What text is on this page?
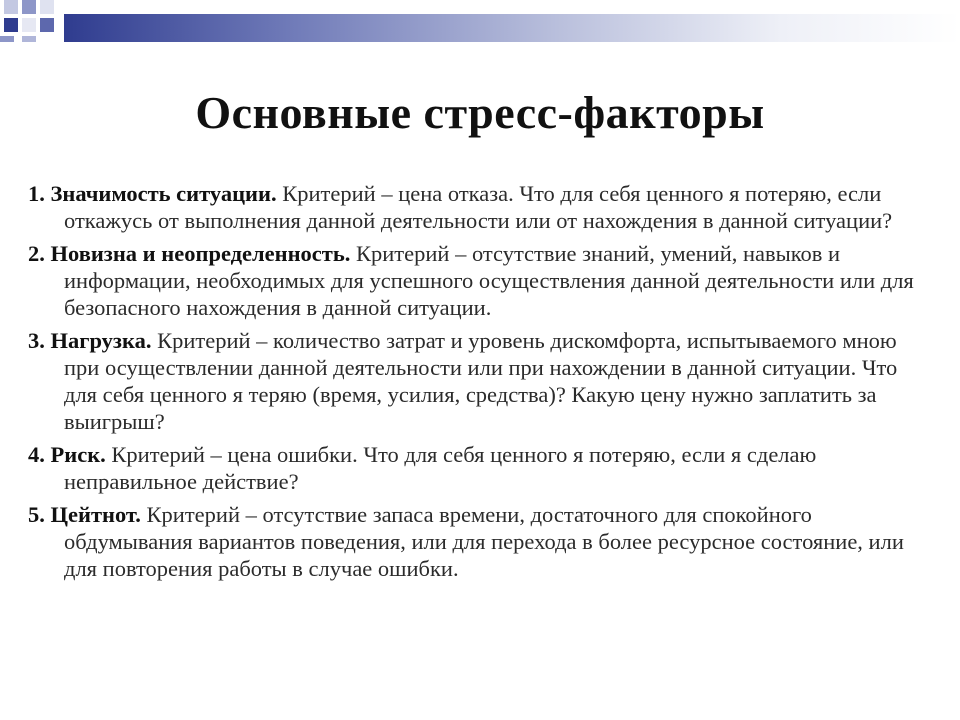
Основные стресс-факторы

1. Значимость ситуации. Критерий – цена отказа. Что для себя ценного я потеряю, если откажусь от выполнения данной деятельности или от нахождения в данной ситуации?

2. Новизна и неопределенность. Критерий – отсутствие знаний, умений, навыков и информации, необходимых для успешного осуществления данной деятельности или для безопасного нахождения в данной ситуации.

3. Нагрузка. Критерий – количество затрат и уровень дискомфорта, испытываемого мною при осуществлении данной деятельности или при нахождении в данной ситуации. Что для себя ценного я теряю (время, усилия, средства)? Какую цену нужно заплатить за выигрыш?

4. Риск. Критерий – цена ошибки. Что для себя ценного я потеряю, если я сделаю неправильное действие?

5. Цейтнот. Критерий – отсутствие запаса времени, достаточного для спокойного обдумывания вариантов поведения, или для перехода в более ресурсное состояние, или для повторения работы в случае ошибки.
